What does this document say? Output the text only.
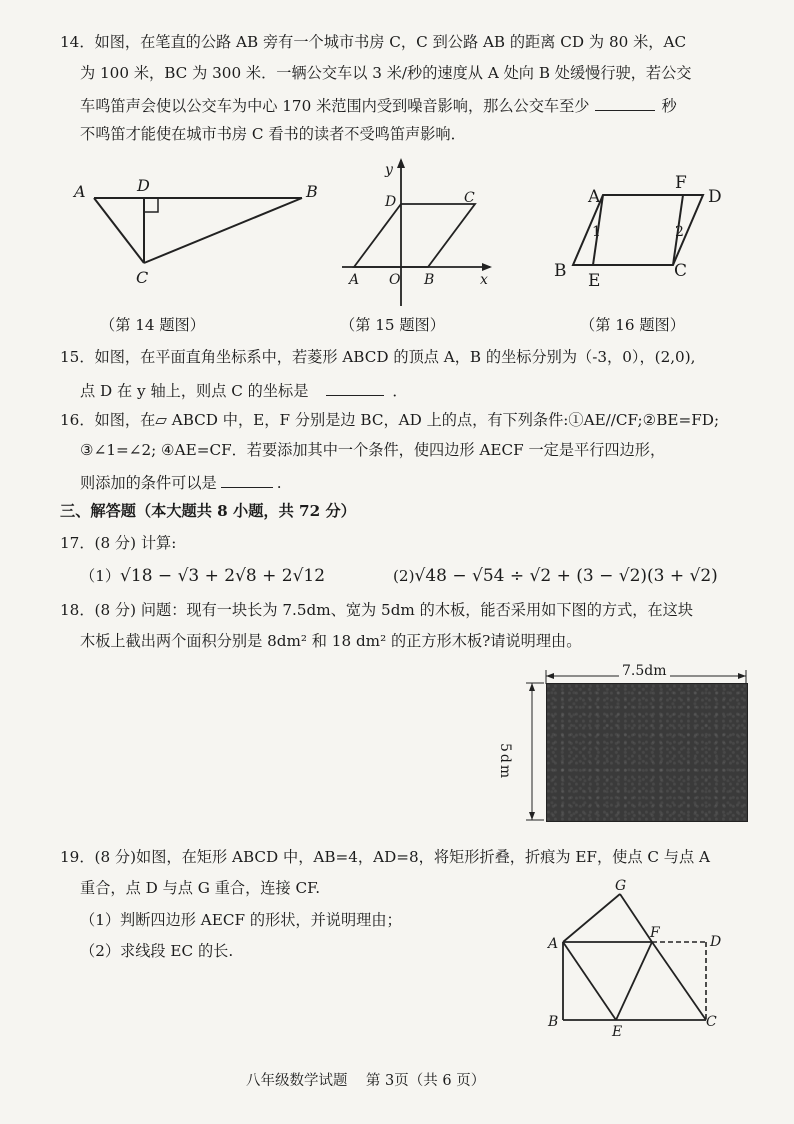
14．如图，在笔直的公路 AB 旁有一个城市书房 C，C 到公路 AB 的距离 CD 为 80 米，AC
为 100 米，BC 为 300 米．一辆公交车以 3 米/秒的速度从 A 处向 B 处缓慢行驶，若公交
车鸣笛声会使以公交车为中心 170 米范围内受到噪音影响，那么公交车至少	秒
不鸣笛才能使在城市书房 C 看书的读者不受鸣笛声影响．
A	D	B
C
（第 14 题图）
y
D	C
A O B	x
（第 15 题图）
A
F
D
B E	C
1	2
（第 16 题图）
15．如图，在平面直角坐标系中，若菱形 ABCD 的顶点 A，B 的坐标分别为（-3，0），(2,0),
点 D 在 y 轴上，则点 C 的坐标是	．
16．如图，在▱ ABCD 中，E，F 分别是边 BC，AD 上的点，有下列条件:①AE//CF;②BE=FD;
③∠1=∠2; ④AE=CF．若要添加其中一个条件，使四边形 AECF 一定是平行四边形，
则添加的条件可以是	.
三、解答题（本大题共 8 小题，共 72 分）
17．(8 分) 计算:
（1）√18 − √3 + 2√8 + 2√12	(2)√48 − √54 ÷ √2 + (3 − √2)(3 + √2)
18．(8 分) 问题：现有一块长为 7.5dm、宽为 5dm 的木板，能否采用如下图的方式，在这块
木板上截出两个面积分别是 8dm² 和 18 dm² 的正方形木板?请说明理由。
7.5dm
5dm
19．(8 分)如图，在矩形 ABCD 中，AB=4，AD=8，将矩形折叠，折痕为 EF，使点 C 与点 A
重合，点 D 与点 G 重合，连接 CF.
（1）判断四边形 AECF 的形状，并说明理由；
（2）求线段 EC 的长.
G
A
F
D
B
E
C
八年级数学试题    第 3页（共 6 页）
